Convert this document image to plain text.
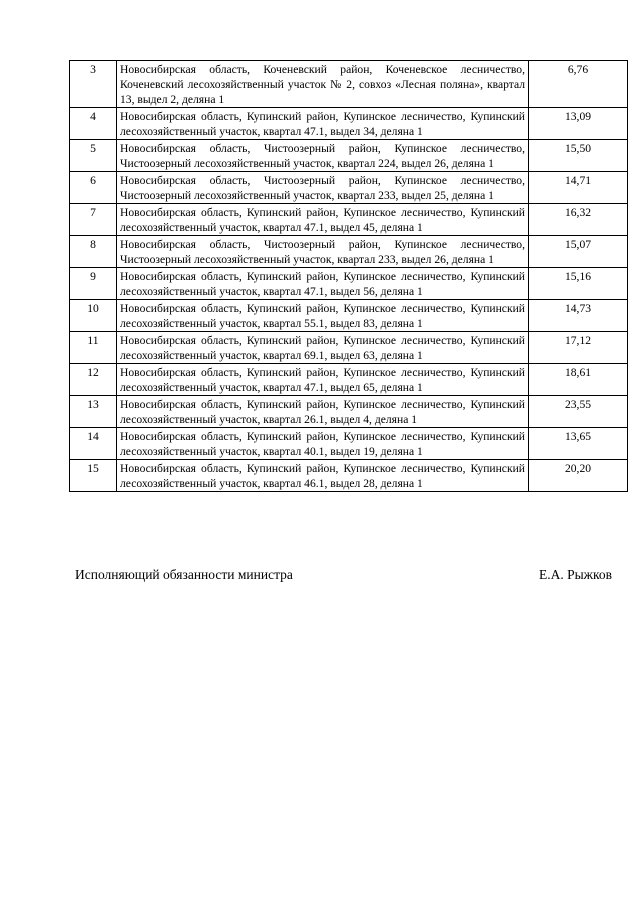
3	Новосибирская область, Коченевский район, Коченевское лесничество, Коченевский лесохозяйственный участок № 2, совхоз «Лесная поляна», квартал 13, выдел 2, деляна 1	6,76
4	Новосибирская область, Купинский район, Купинское лесничество, Купинский лесохозяйственный участок, квартал 47.1, выдел 34, деляна 1	13,09
5	Новосибирская область, Чистоозерный район, Купинское лесничество, Чистоозерный лесохозяйственный участок, квартал 224, выдел 26, деляна 1	15,50
6	Новосибирская область, Чистоозерный район, Купинское лесничество, Чистоозерный лесохозяйственный участок, квартал 233, выдел 25, деляна 1	14,71
7	Новосибирская область, Купинский район, Купинское лесничество, Купинский лесохозяйственный участок, квартал 47.1, выдел 45, деляна 1	16,32
8	Новосибирская область, Чистоозерный район, Купинское лесничество, Чистоозерный лесохозяйственный участок, квартал 233, выдел 26, деляна 1	15,07
9	Новосибирская область, Купинский район, Купинское лесничество, Купинский лесохозяйственный участок, квартал 47.1, выдел 56, деляна 1	15,16
10	Новосибирская область, Купинский район, Купинское лесничество, Купинский лесохозяйственный участок, квартал 55.1, выдел 83, деляна 1	14,73
11	Новосибирская область, Купинский район, Купинское лесничество, Купинский лесохозяйственный участок, квартал 69.1, выдел 63, деляна 1	17,12
12	Новосибирская область, Купинский район, Купинское лесничество, Купинский лесохозяйственный участок, квартал 47.1, выдел 65, деляна 1	18,61
13	Новосибирская область, Купинский район, Купинское лесничество, Купинский лесохозяйственный участок, квартал 26.1, выдел 4, деляна 1	23,55
14	Новосибирская область, Купинский район, Купинское лесничество, Купинский лесохозяйственный участок, квартал 40.1, выдел 19, деляна 1	13,65
15	Новосибирская область, Купинский район, Купинское лесничество, Купинский лесохозяйственный участок, квартал 46.1, выдел 28, деляна 1	20,20
Исполняющий обязанности министра	Е.А. Рыжков
